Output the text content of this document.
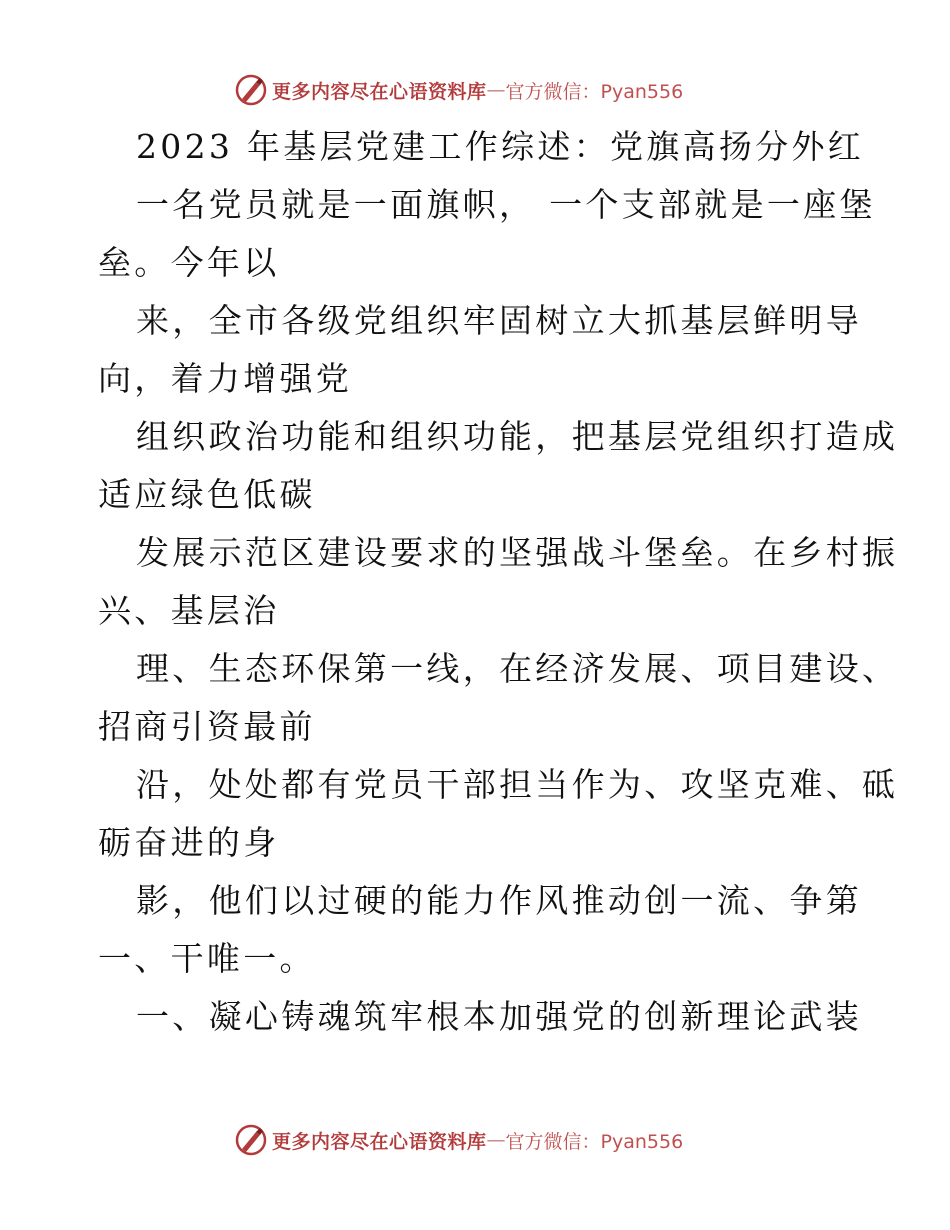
更多内容尽在心语资料库 — 官方微信：Pyan556
2023 年基层党建工作综述：党旗高扬分外红
一名党员就是一面旗帜， 一个支部就是一座堡
垒。今年以
来，全市各级党组织牢固树立大抓基层鲜明导
向，着力增强党
组织政治功能和组织功能，把基层党组织打造成
适应绿色低碳
发展示范区建设要求的坚强战斗堡垒。在乡村振
兴、基层治
理、生态环保第一线，在经济发展、项目建设、
招商引资最前
沿，处处都有党员干部担当作为、攻坚克难、砥
砺奋进的身
影，他们以过硬的能力作风推动创一流、争第
一、干唯一。
一、凝心铸魂筑牢根本加强党的创新理论武装
更多内容尽在心语资料库 — 官方微信：Pyan556
